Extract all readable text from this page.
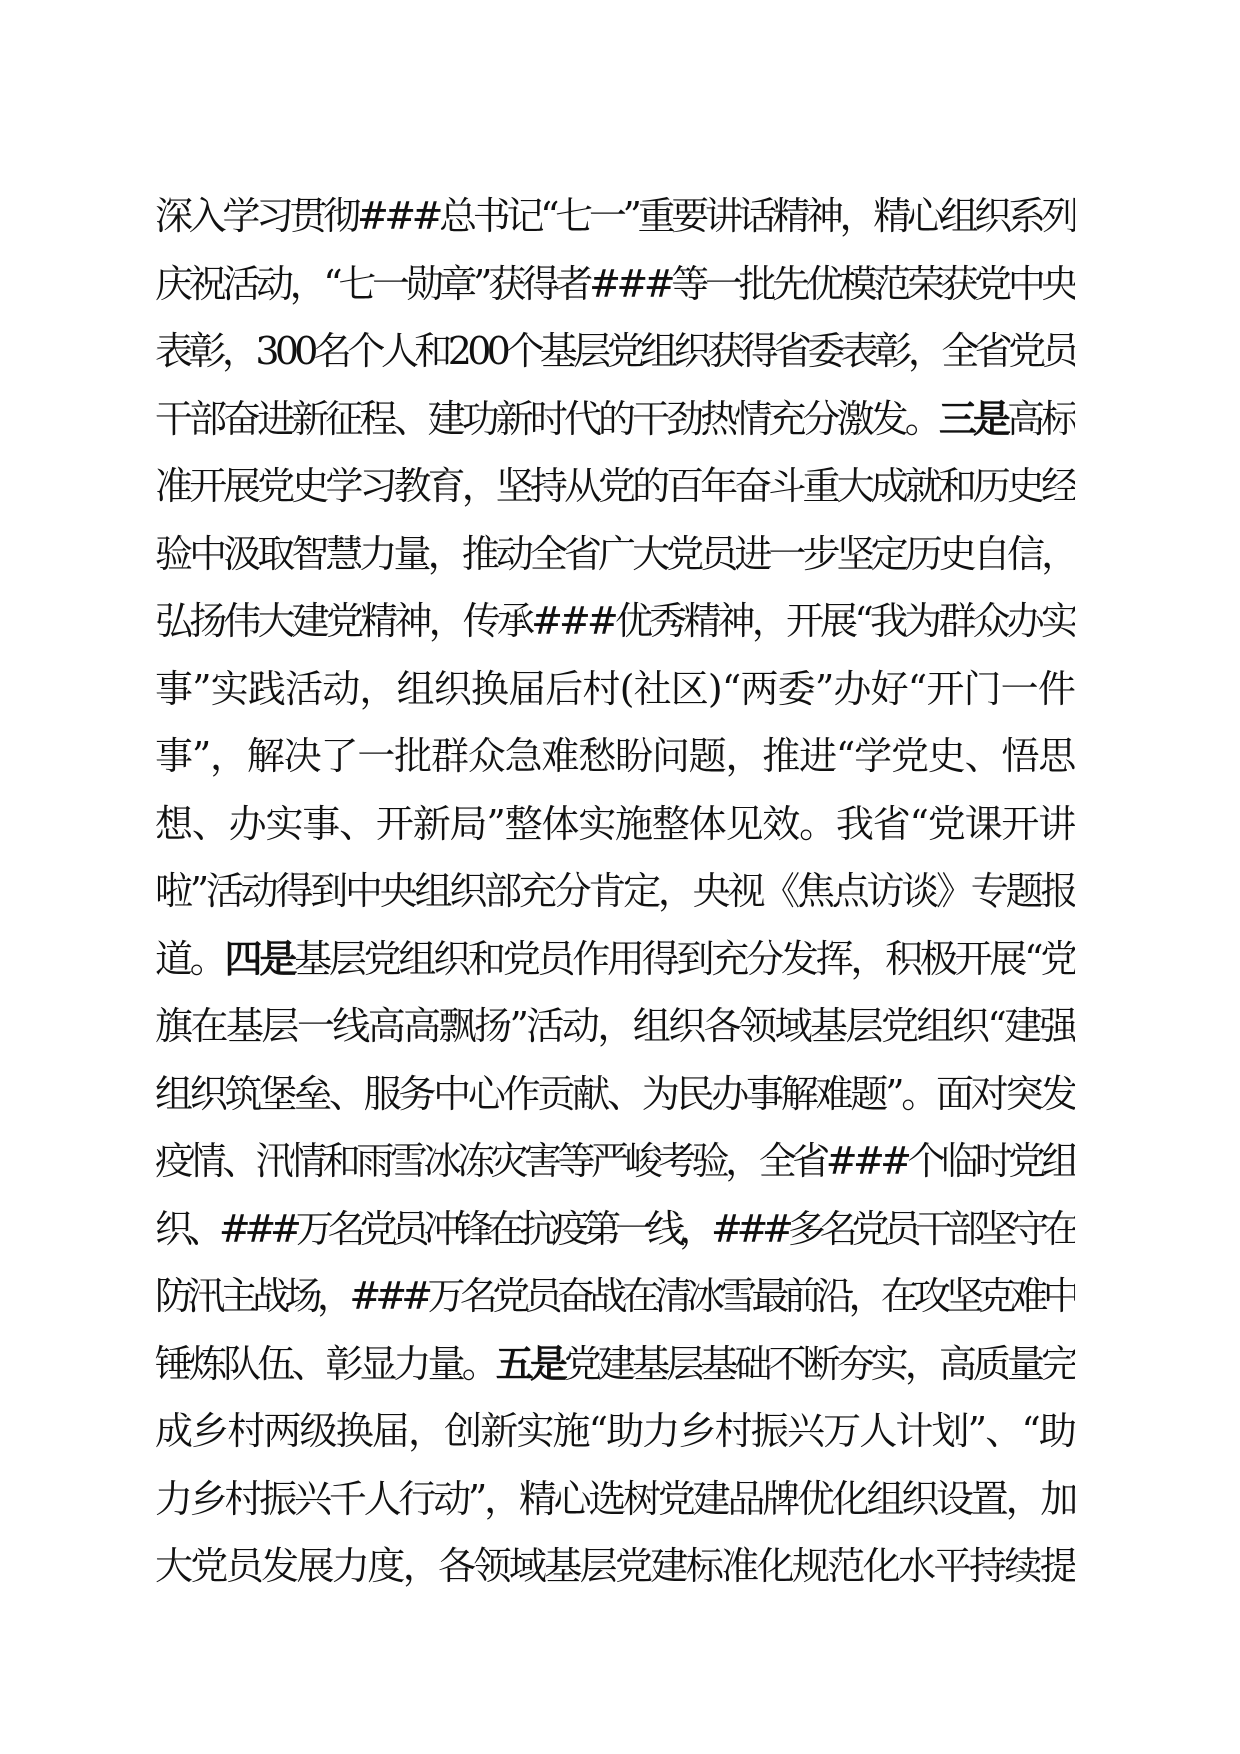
深入学习贯彻###总书记“七一”重要讲话精神，精心组织系列
庆祝活动，“七一勋章”获得者###等一批先优模范荣获党中央
表彰，300名个人和200个基层党组织获得省委表彰，全省党员
干部奋进新征程、建功新时代的干劲热情充分激发。三是高标
准开展党史学习教育，坚持从党的百年奋斗重大成就和历史经
验中汲取智慧力量，推动全省广大党员进一步坚定历史自信，
弘扬伟大建党精神，传承###优秀精神，开展“我为群众办实
事”实践活动，组织换届后村(社区)“两委”办好“开门一件
事”，解决了一批群众急难愁盼问题，推进“学党史、悟思
想、办实事、开新局”整体实施整体见效。我省“党课开讲
啦”活动得到中央组织部充分肯定，央视《焦点访谈》专题报
道。四是基层党组织和党员作用得到充分发挥，积极开展“党
旗在基层一线高高飘扬”活动，组织各领域基层党组织“建强
组织筑堡垒、服务中心作贡献、为民办事解难题”。面对突发
疫情、汛情和雨雪冰冻灾害等严峻考验，全省###个临时党组
织、###万名党员冲锋在抗疫第一线，###多名党员干部坚守在
防汛主战场，###万名党员奋战在清冰雪最前沿，在攻坚克难中
锤炼队伍、彰显力量。五是党建基层基础不断夯实，高质量完
成乡村两级换届，创新实施“助力乡村振兴万人计划”、“助
力乡村振兴千人行动”，精心选树党建品牌优化组织设置，加
大党员发展力度，各领域基层党建标准化规范化水平持续提
